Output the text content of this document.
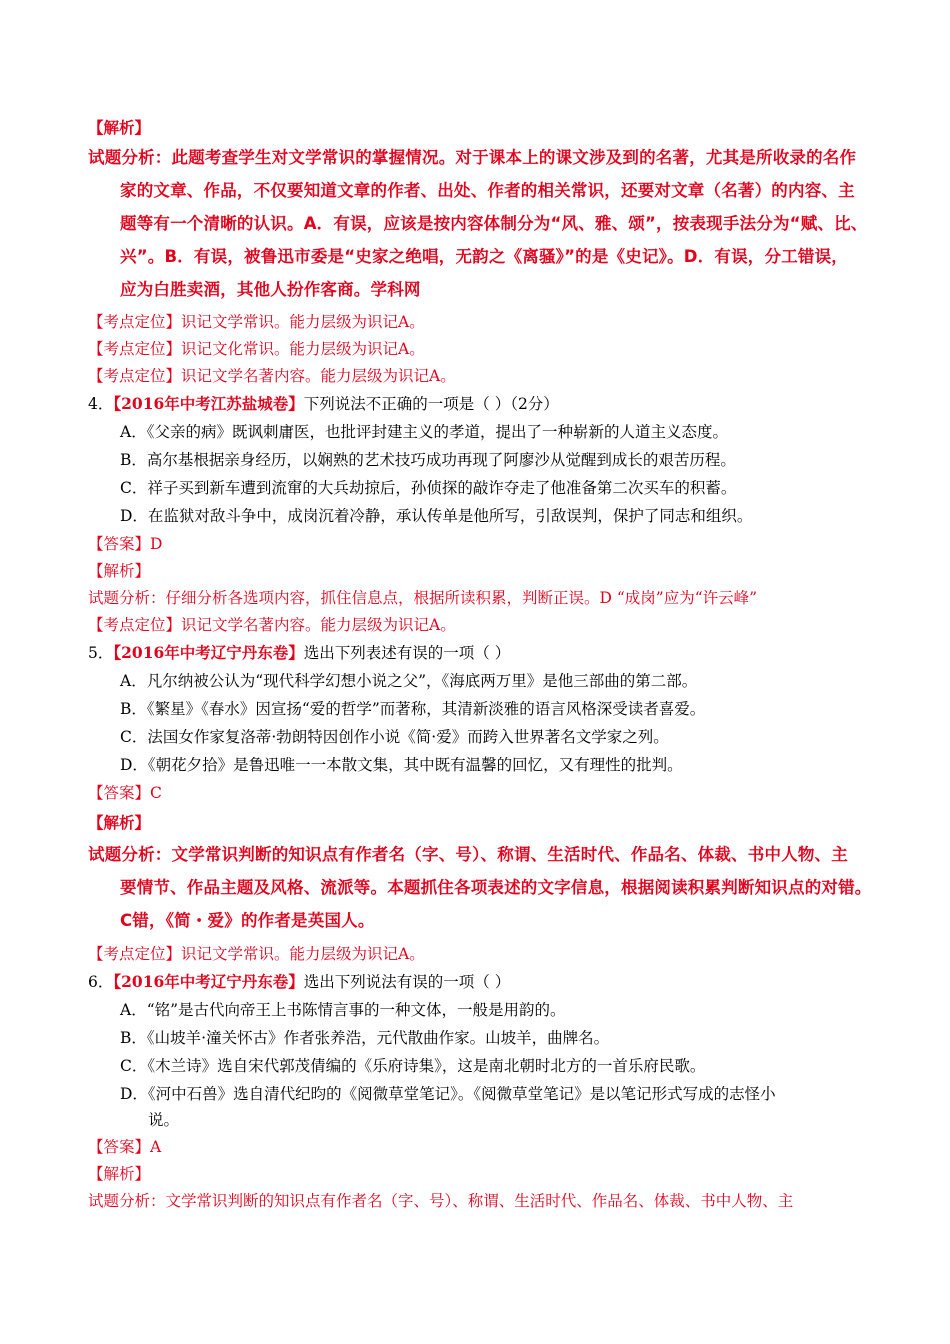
【解析】
试题分析：此题考查学生对文学常识的掌握情况。对于课本上的课文涉及到的名著，尤其是所收录的名作
家的文章、作品，不仅要知道文章的作者、出处、作者的相关常识，还要对文章（名著）的内容、主
题等有一个清晰的认识。A．有误，应该是按内容体制分为“风、雅、颂”，按表现手法分为“赋、比、
兴”。B．有误，被鲁迅市委是“史家之绝唱，无韵之《离骚》”的是《史记》。D．有误，分工错误，
应为白胜卖酒，其他人扮作客商。学科网
【考点定位】识记文学常识。能力层级为识记A。
【考点定位】识记文化常识。能力层级为识记A。
【考点定位】识记文学名著内容。能力层级为识记A。
4．【2016年中考江苏盐城卷】下列说法不正确的一项是（ ）（2分）
A．《父亲的病》既讽刺庸医，也批评封建主义的孝道，提出了一种崭新的人道主义态度。
B．高尔基根据亲身经历，以娴熟的艺术技巧成功再现了阿廖沙从觉醒到成长的艰苦历程。
C．祥子买到新车遭到流窜的大兵劫掠后，孙侦探的敲诈夺走了他准备第二次买车的积蓄。
D．在监狱对敌斗争中，成岗沉着冷静，承认传单是他所写，引敌误判，保护了同志和组织。
【答案】D
【解析】
试题分析：仔细分析各选项内容，抓住信息点，根据所读积累，判断正误。D “成岗”应为“许云峰”
【考点定位】识记文学名著内容。能力层级为识记A。
5．【2016年中考辽宁丹东卷】选出下列表述有误的一项（ ）
A．凡尔纳被公认为“现代科学幻想小说之父”，《海底两万里》是他三部曲的第二部。
B．《繁星》《春水》因宣扬“爱的哲学”而著称，其清新淡雅的语言风格深受读者喜爱。
C．法国女作家复洛蒂·勃朗特因创作小说《简·爱》而跨入世界著名文学家之列。
D．《朝花夕拾》是鲁迅唯一一本散文集，其中既有温馨的回忆，又有理性的批判。
【答案】C
【解析】
试题分析：文学常识判断的知识点有作者名（字、号）、称谓、生活时代、作品名、体裁、书中人物、主
要情节、作品主题及风格、流派等。本题抓住各项表述的文字信息，根据阅读积累判断知识点的对错。
C错，《简・爱》的作者是英国人。
【考点定位】识记文学常识。能力层级为识记A。
6．【2016年中考辽宁丹东卷】选出下列说法有误的一项（ ）
A．“铭”是古代向帝王上书陈情言事的一种文体，一般是用韵的。
B．《山坡羊·潼关怀古》作者张养浩，元代散曲作家。山坡羊，曲牌名。
C．《木兰诗》选自宋代郭茂倩编的《乐府诗集》，这是南北朝时北方的一首乐府民歌。
D．《河中石兽》选自清代纪昀的《阅微草堂笔记》。《阅微草堂笔记》是以笔记形式写成的志怪小
说。
【答案】A
【解析】
试题分析：文学常识判断的知识点有作者名（字、号）、称谓、生活时代、作品名、体裁、书中人物、主
